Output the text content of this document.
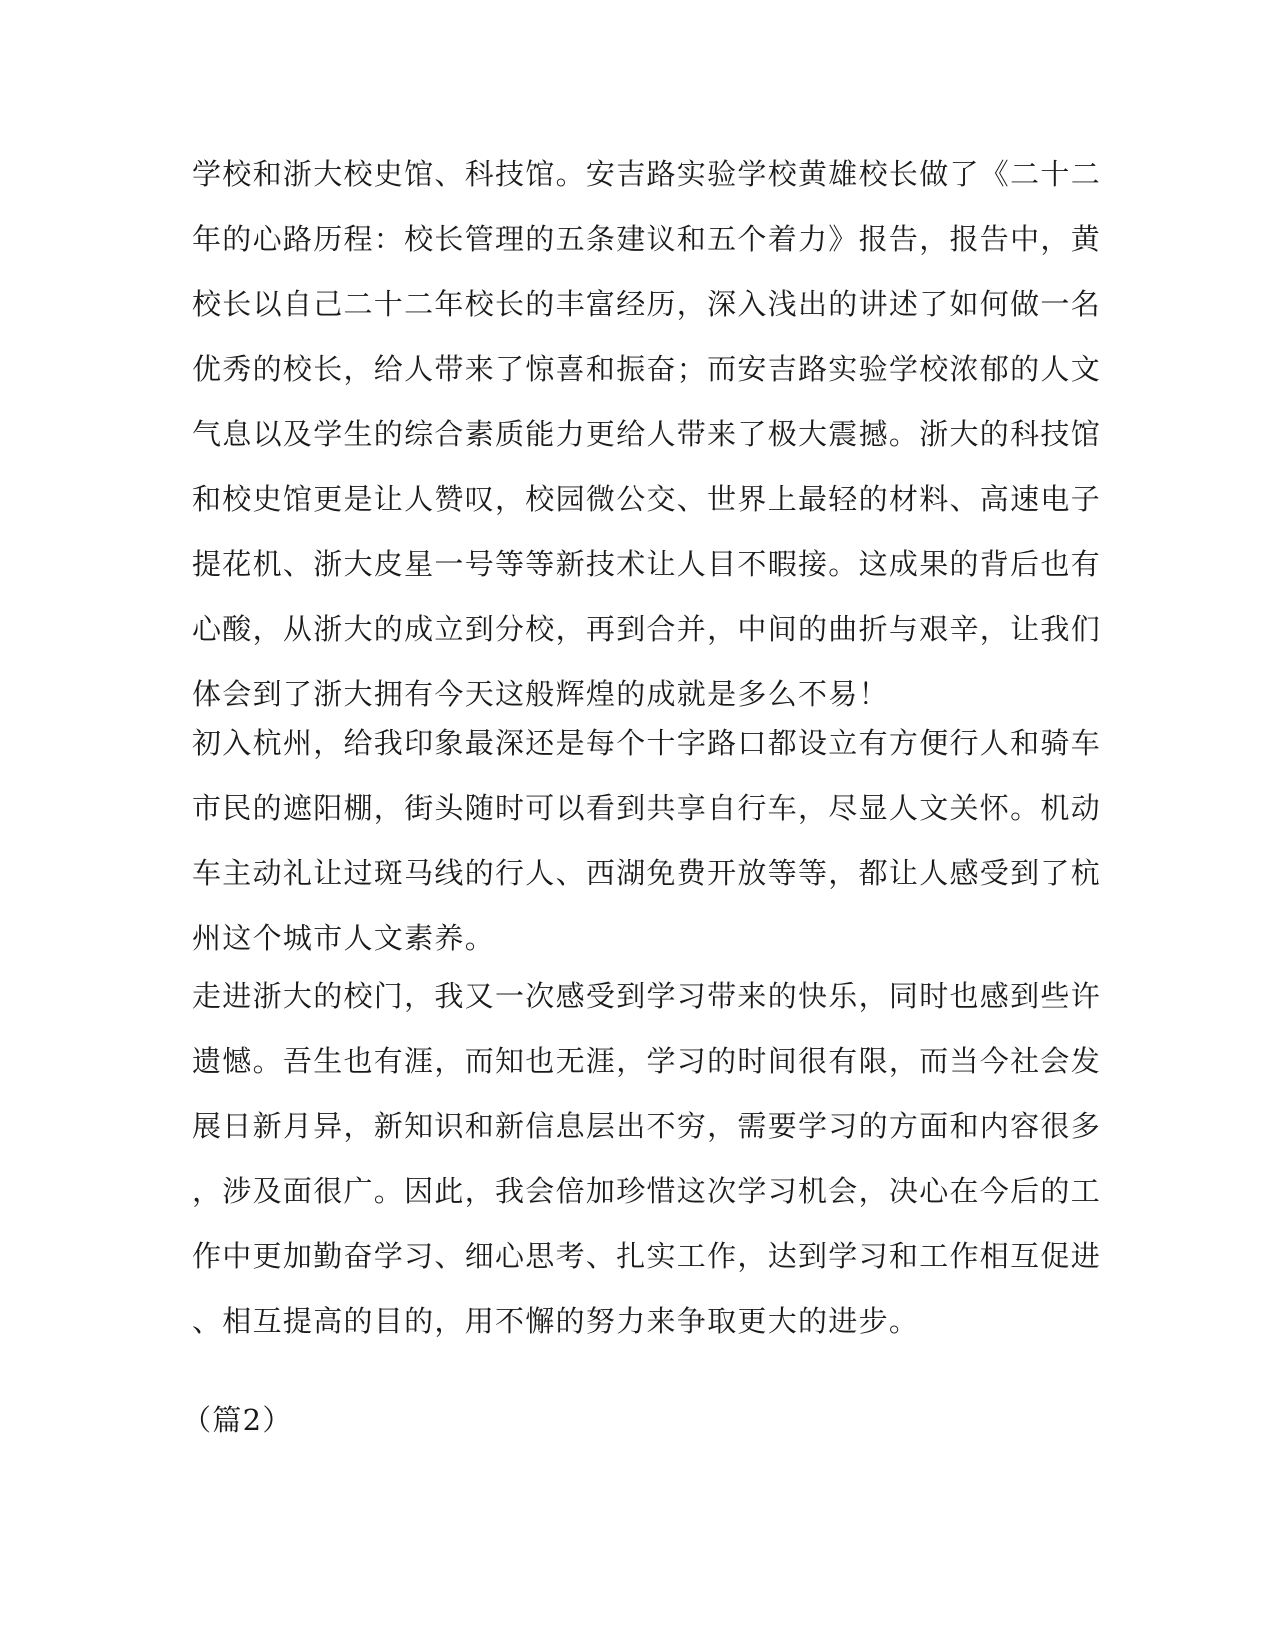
学校和浙大校史馆、科技馆。安吉路实验学校黄雄校长做了《二十二
年的心路历程：校长管理的五条建议和五个着力》报告，报告中，黄
校长以自己二十二年校长的丰富经历，深入浅出的讲述了如何做一名
优秀的校长，给人带来了惊喜和振奋；而安吉路实验学校浓郁的人文
气息以及学生的综合素质能力更给人带来了极大震撼。浙大的科技馆
和校史馆更是让人赞叹，校园微公交、世界上最轻的材料、高速电子
提花机、浙大皮星一号等等新技术让人目不暇接。这成果的背后也有
心酸，从浙大的成立到分校，再到合并，中间的曲折与艰辛，让我们
体会到了浙大拥有今天这般辉煌的成就是多么不易！
初入杭州，给我印象最深还是每个十字路口都设立有方便行人和骑车
市民的遮阳棚，街头随时可以看到共享自行车，尽显人文关怀。机动
车主动礼让过斑马线的行人、西湖免费开放等等，都让人感受到了杭
州这个城市人文素养。
走进浙大的校门，我又一次感受到学习带来的快乐，同时也感到些许
遗憾。吾生也有涯，而知也无涯，学习的时间很有限，而当今社会发
展日新月异，新知识和新信息层出不穷，需要学习的方面和内容很多
，涉及面很广。因此，我会倍加珍惜这次学习机会，决心在今后的工
作中更加勤奋学习、细心思考、扎实工作，达到学习和工作相互促进
、相互提高的目的，用不懈的努力来争取更大的进步。
（篇2）
